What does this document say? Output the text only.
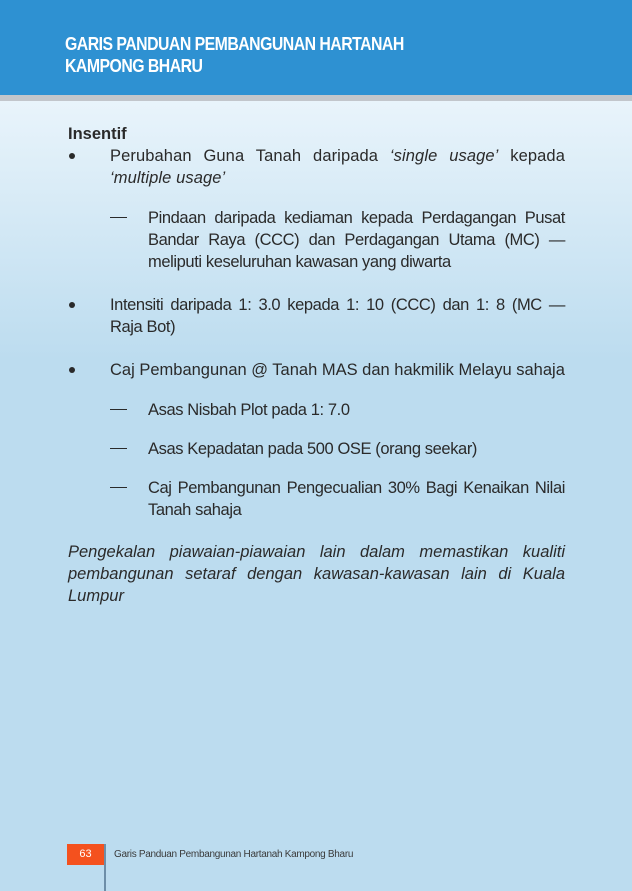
GARIS PANDUAN PEMBANGUNAN HARTANAH
KAMPONG BHARU
Insentif
Perubahan Guna Tanah daripada ‘single usage’ kepada ‘multiple usage’
Pindaan daripada kediaman kepada Perdagangan Pusat Bandar Raya (CCC) dan Perdagangan Utama (MC) — meliputi keseluruhan kawasan yang diwarta
Intensiti daripada 1: 3.0 kepada 1: 10 (CCC) dan 1: 8 (MC — Raja Bot)
Caj Pembangunan @ Tanah MAS dan hakmilik Melayu sahaja
Asas Nisbah Plot pada 1: 7.0
Asas Kepadatan pada 500 OSE (orang seekar)
Caj Pembangunan Pengecualian 30% Bagi Kenaikan Nilai Tanah sahaja
Pengekalan piawaian-piawaian lain dalam memastikan kualiti pembangunan setaraf dengan kawasan-kawasan lain di Kuala Lumpur
63	Garis Panduan Pembangunan Hartanah Kampong Bharu
